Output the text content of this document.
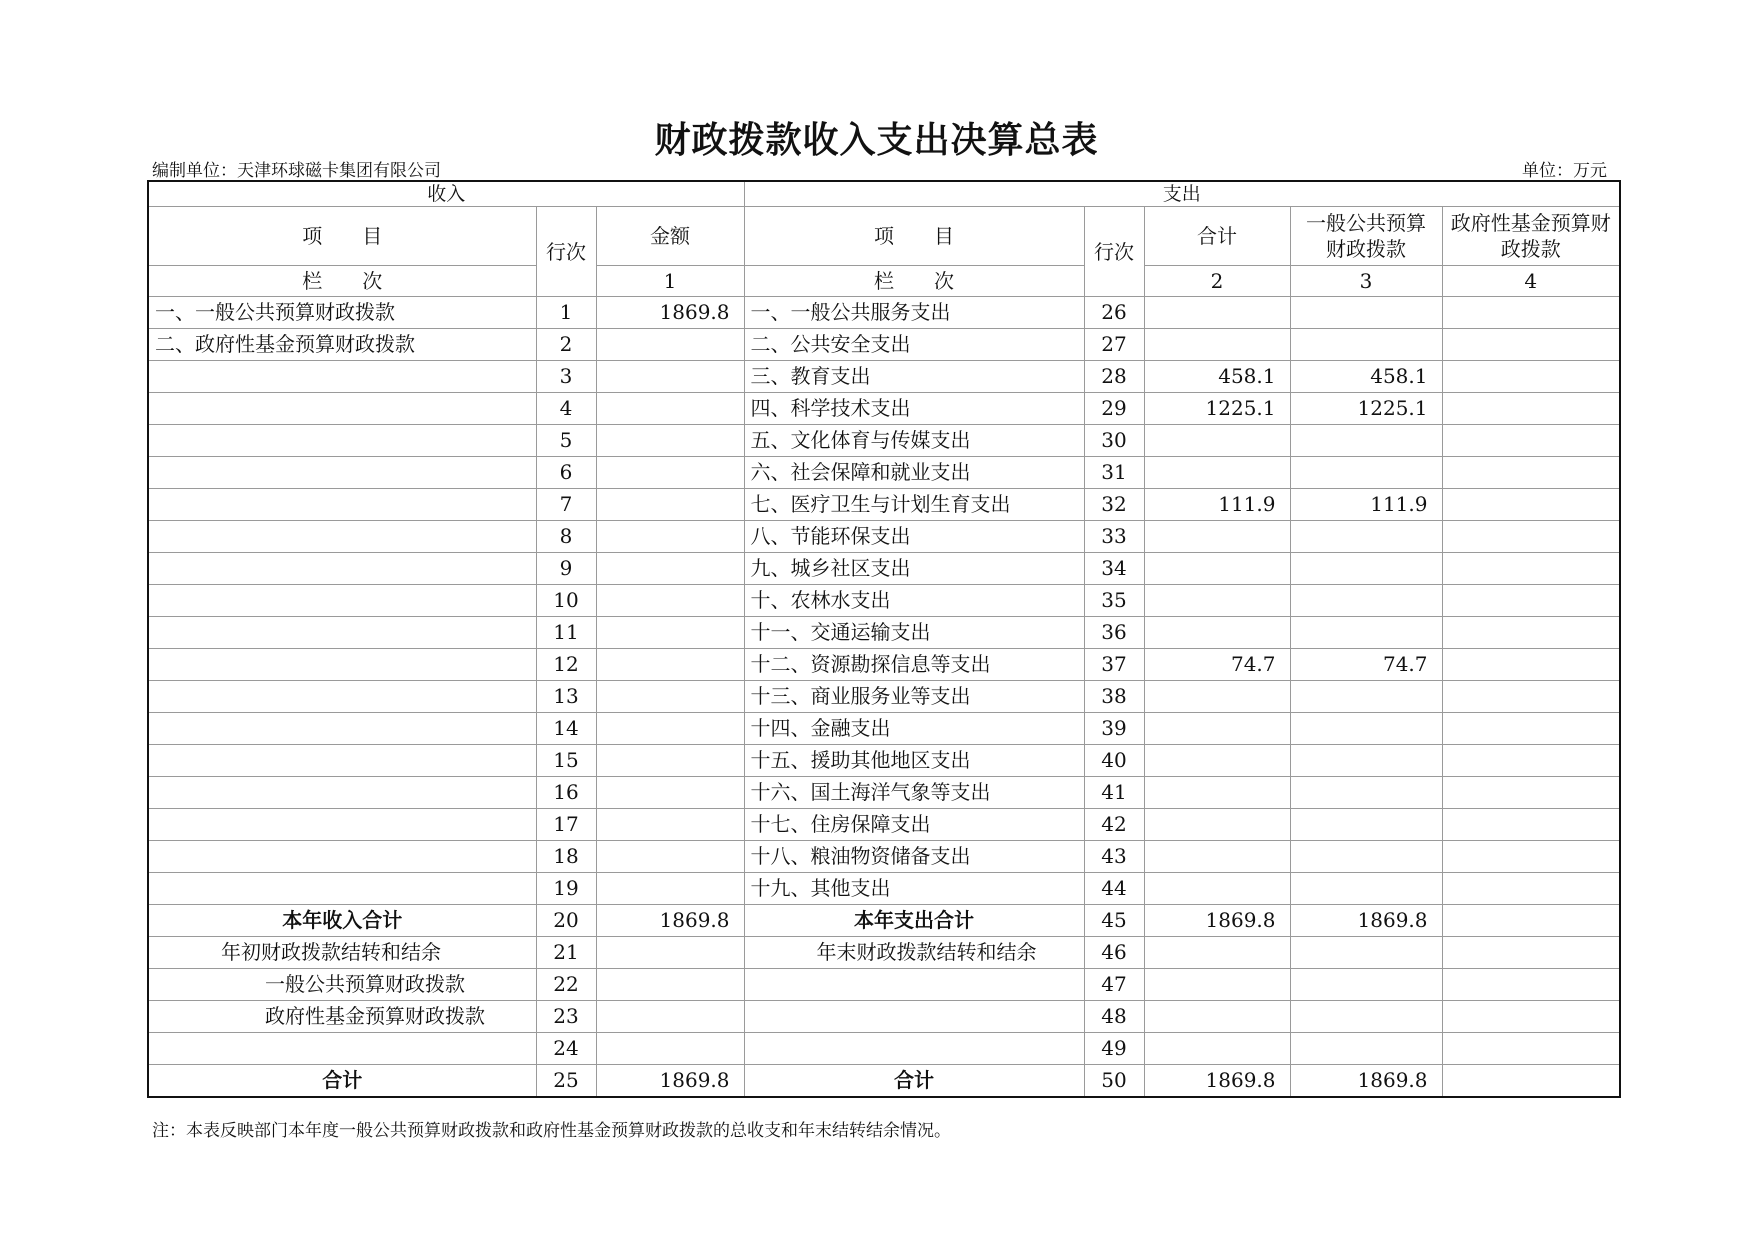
财政拨款收入支出决算总表
编制单位：天津环球磁卡集团有限公司	单位：万元
收入			支出				
项　　目	行次	金额	项　　目	行次	合计	一般公共预算财政拨款	政府性基金预算财政拨款
栏　　次		1	栏　　次		2	3	4
一、一般公共预算财政拨款	1	1869.8	一、一般公共服务支出	26			
二、政府性基金预算财政拨款	2		二、公共安全支出	27			
	3		三、教育支出	28	458.1	458.1	
	4		四、科学技术支出	29	1225.1	1225.1	
	5		五、文化体育与传媒支出	30			
	6		六、社会保障和就业支出	31			
	7		七、医疗卫生与计划生育支出	32	111.9	111.9	
	8		八、节能环保支出	33			
	9		九、城乡社区支出	34			
	10		十、农林水支出	35			
	11		十一、交通运输支出	36			
	12		十二、资源勘探信息等支出	37	74.7	74.7	
	13		十三、商业服务业等支出	38			
	14		十四、金融支出	39			
	15		十五、援助其他地区支出	40			
	16		十六、国土海洋气象等支出	41			
	17		十七、住房保障支出	42			
	18		十八、粮油物资储备支出	43			
	19		十九、其他支出	44			
本年收入合计	20	1869.8	本年支出合计	45	1869.8	1869.8	
年初财政拨款结转和结余	21		年末财政拨款结转和结余	46			
一般公共预算财政拨款	22			47			
政府性基金预算财政拨款	23			48			
	24			49			
合计	25	1869.8	合计	50	1869.8	1869.8	
注：本表反映部门本年度一般公共预算财政拨款和政府性基金预算财政拨款的总收支和年末结转结余情况。
